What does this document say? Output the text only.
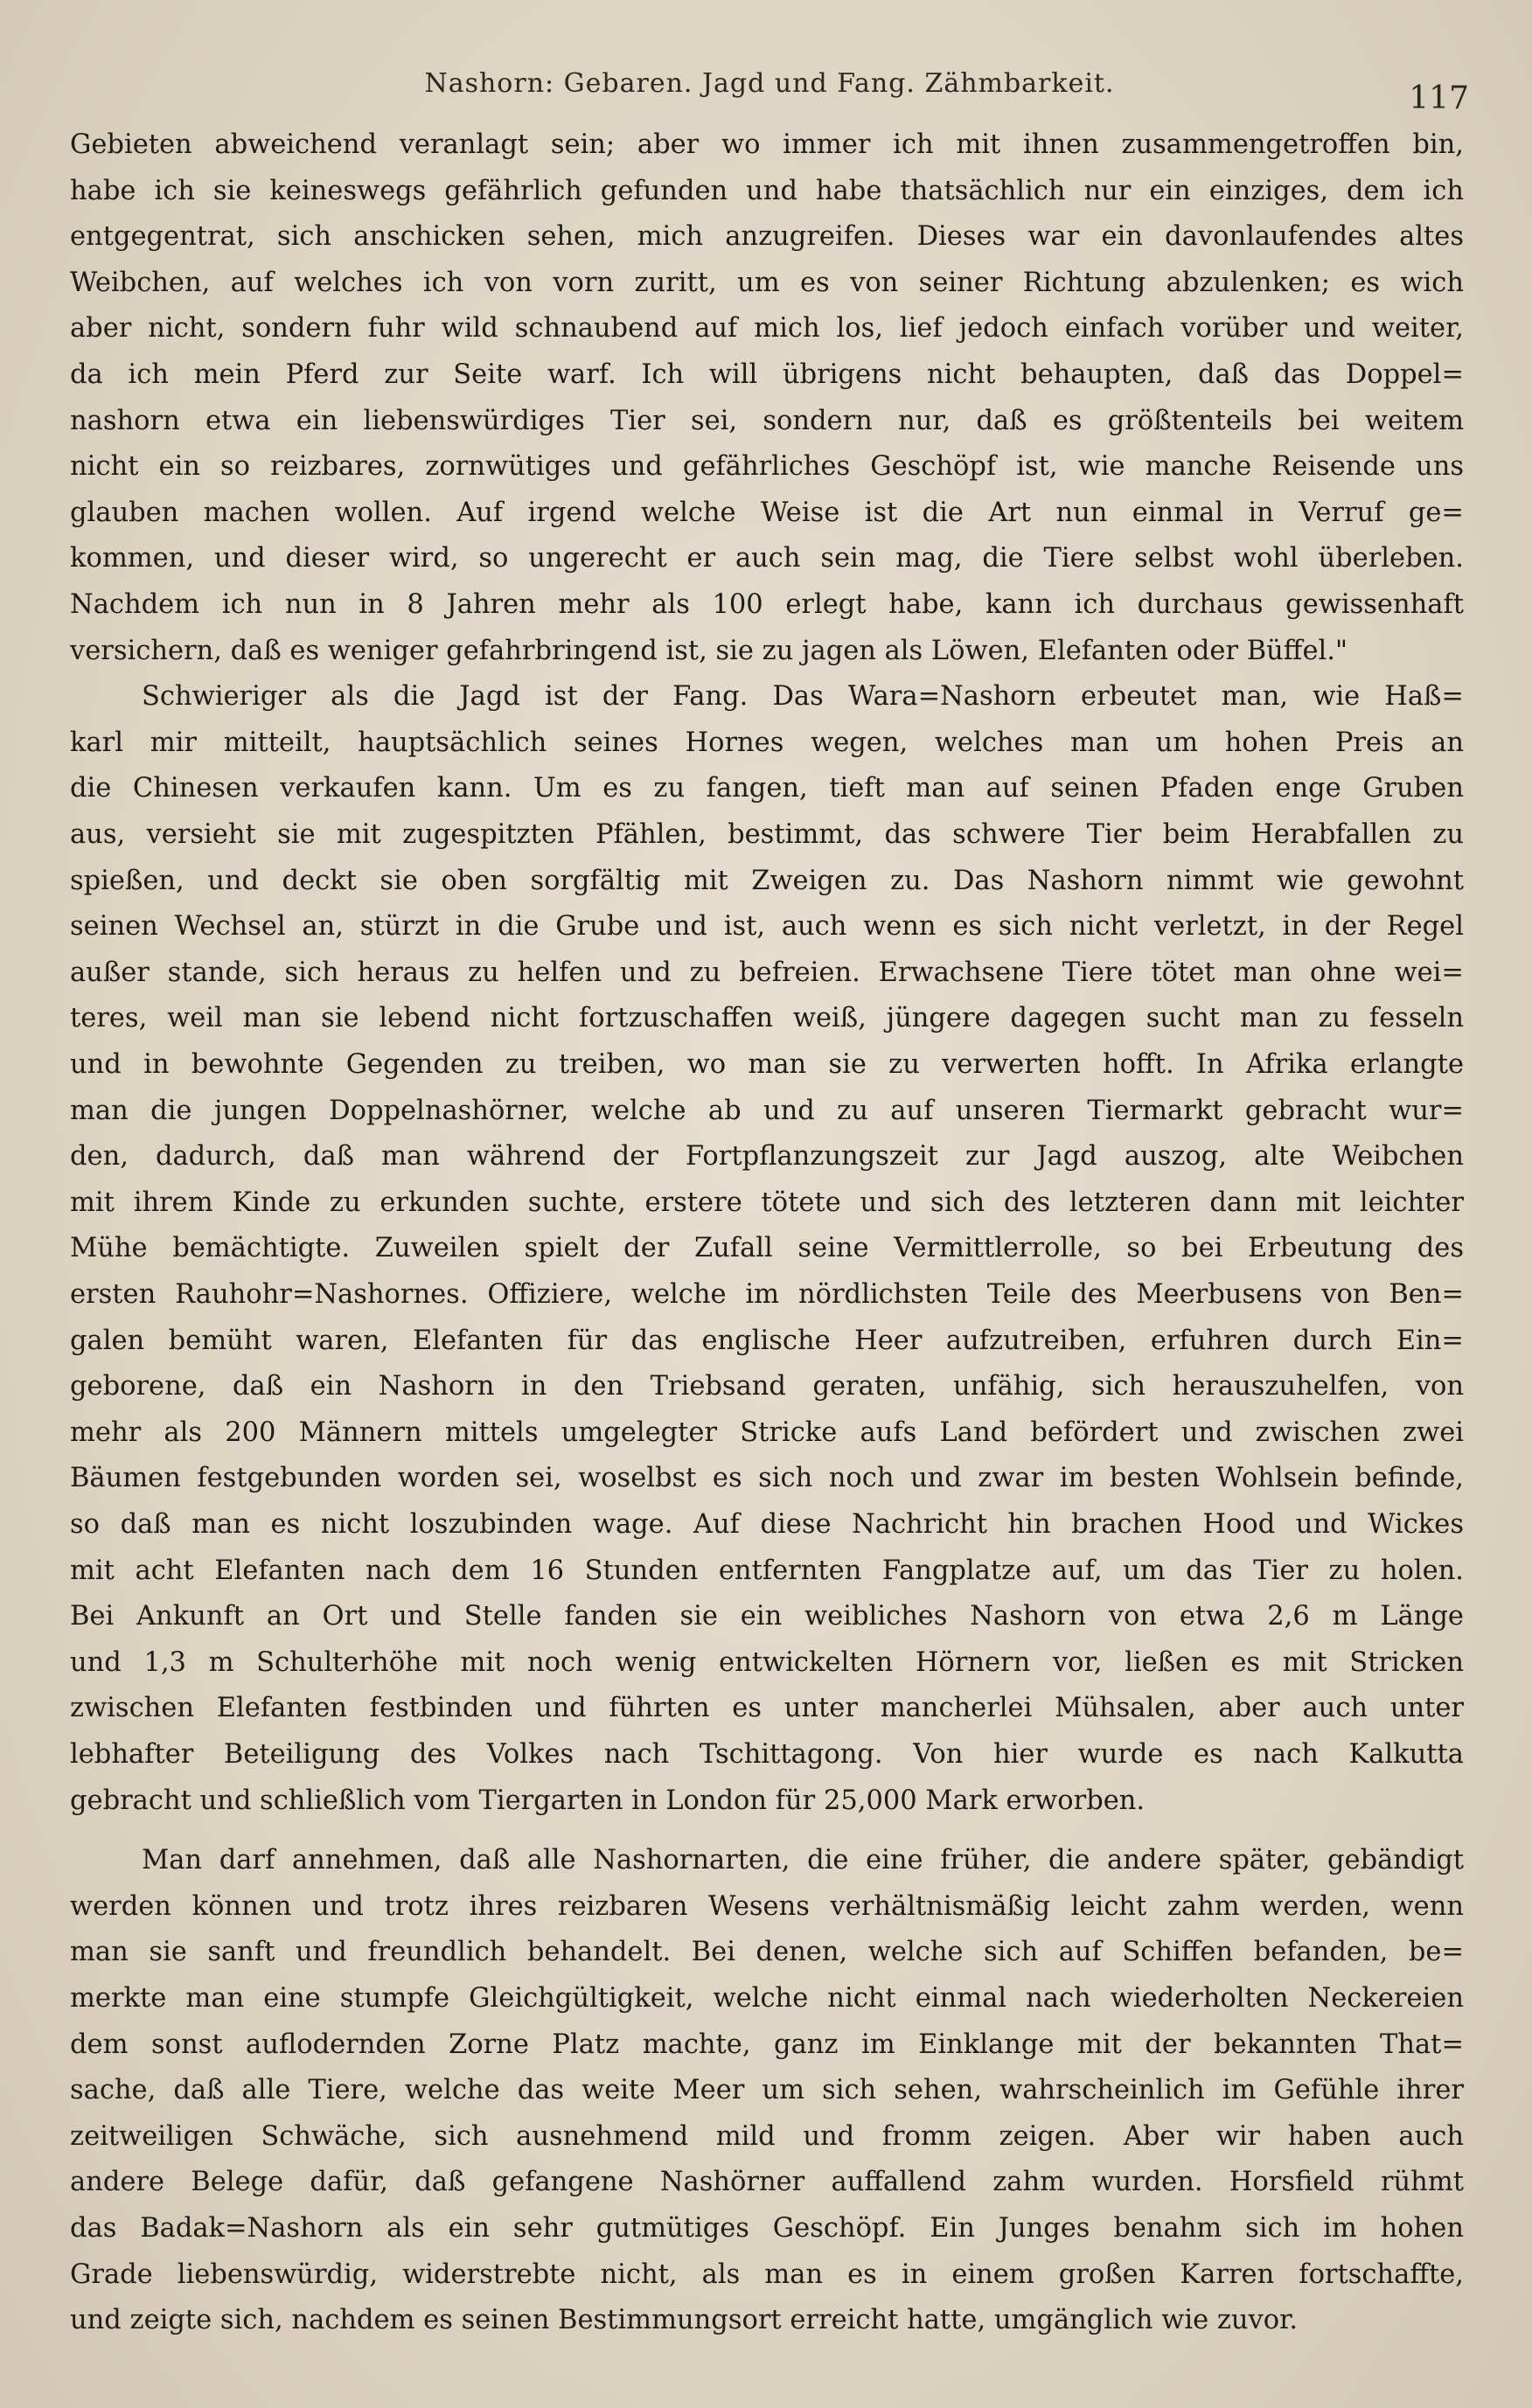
Nashorn: Gebaren. Jagd und Fang. Zähmbarkeit.	117
Gebieten abweichend veranlagt sein; aber wo immer ich mit ihnen zusammengetroffen bin,
habe ich sie keineswegs gefährlich gefunden und habe thatsächlich nur ein einziges, dem ich
entgegentrat, sich anschicken sehen, mich anzugreifen. Dieses war ein davonlaufendes altes
Weibchen, auf welches ich von vorn zuritt, um es von seiner Richtung abzulenken; es wich
aber nicht, sondern fuhr wild schnaubend auf mich los, lief jedoch einfach vorüber und weiter,
da ich mein Pferd zur Seite warf. Ich will übrigens nicht behaupten, daß das Doppel=
nashorn etwa ein liebenswürdiges Tier sei, sondern nur, daß es größtenteils bei weitem
nicht ein so reizbares, zornwütiges und gefährliches Geschöpf ist, wie manche Reisende uns
glauben machen wollen. Auf irgend welche Weise ist die Art nun einmal in Verruf ge=
kommen, und dieser wird, so ungerecht er auch sein mag, die Tiere selbst wohl überleben.
Nachdem ich nun in 8 Jahren mehr als 100 erlegt habe, kann ich durchaus gewissenhaft
versichern, daß es weniger gefahrbringend ist, sie zu jagen als Löwen, Elefanten oder Büffel."
Schwieriger als die Jagd ist der Fang. Das Wara=Nashorn erbeutet man, wie Haß=
karl mir mitteilt, hauptsächlich seines Hornes wegen, welches man um hohen Preis an
die Chinesen verkaufen kann. Um es zu fangen, tieft man auf seinen Pfaden enge Gruben
aus, versieht sie mit zugespitzten Pfählen, bestimmt, das schwere Tier beim Herabfallen zu
spießen, und deckt sie oben sorgfältig mit Zweigen zu. Das Nashorn nimmt wie gewohnt
seinen Wechsel an, stürzt in die Grube und ist, auch wenn es sich nicht verletzt, in der Regel
außer stande, sich heraus zu helfen und zu befreien. Erwachsene Tiere tötet man ohne wei=
teres, weil man sie lebend nicht fortzuschaffen weiß, jüngere dagegen sucht man zu fesseln
und in bewohnte Gegenden zu treiben, wo man sie zu verwerten hofft. In Afrika erlangte
man die jungen Doppelnashörner, welche ab und zu auf unseren Tiermarkt gebracht wur=
den, dadurch, daß man während der Fortpflanzungszeit zur Jagd auszog, alte Weibchen
mit ihrem Kinde zu erkunden suchte, erstere tötete und sich des letzteren dann mit leichter
Mühe bemächtigte. Zuweilen spielt der Zufall seine Vermittlerrolle, so bei Erbeutung des
ersten Rauhohr=Nashornes. Offiziere, welche im nördlichsten Teile des Meerbusens von Ben=
galen bemüht waren, Elefanten für das englische Heer aufzutreiben, erfuhren durch Ein=
geborene, daß ein Nashorn in den Triebsand geraten, unfähig, sich herauszuhelfen, von
mehr als 200 Männern mittels umgelegter Stricke aufs Land befördert und zwischen zwei
Bäumen festgebunden worden sei, woselbst es sich noch und zwar im besten Wohlsein befinde,
so daß man es nicht loszubinden wage. Auf diese Nachricht hin brachen Hood und Wickes
mit acht Elefanten nach dem 16 Stunden entfernten Fangplatze auf, um das Tier zu holen.
Bei Ankunft an Ort und Stelle fanden sie ein weibliches Nashorn von etwa 2,6 m Länge
und 1,3 m Schulterhöhe mit noch wenig entwickelten Hörnern vor, ließen es mit Stricken
zwischen Elefanten festbinden und führten es unter mancherlei Mühsalen, aber auch unter
lebhafter Beteiligung des Volkes nach Tschittagong. Von hier wurde es nach Kalkutta
gebracht und schließlich vom Tiergarten in London für 25,000 Mark erworben.
Man darf annehmen, daß alle Nashornarten, die eine früher, die andere später, gebändigt
werden können und trotz ihres reizbaren Wesens verhältnismäßig leicht zahm werden, wenn
man sie sanft und freundlich behandelt. Bei denen, welche sich auf Schiffen befanden, be=
merkte man eine stumpfe Gleichgültigkeit, welche nicht einmal nach wiederholten Neckereien
dem sonst auflodernden Zorne Platz machte, ganz im Einklange mit der bekannten That=
sache, daß alle Tiere, welche das weite Meer um sich sehen, wahrscheinlich im Gefühle ihrer
zeitweiligen Schwäche, sich ausnehmend mild und fromm zeigen. Aber wir haben auch
andere Belege dafür, daß gefangene Nashörner auffallend zahm wurden. Horsfield rühmt
das Badak=Nashorn als ein sehr gutmütiges Geschöpf. Ein Junges benahm sich im hohen
Grade liebenswürdig, widerstrebte nicht, als man es in einem großen Karren fortschaffte,
und zeigte sich, nachdem es seinen Bestimmungsort erreicht hatte, umgänglich wie zuvor.
